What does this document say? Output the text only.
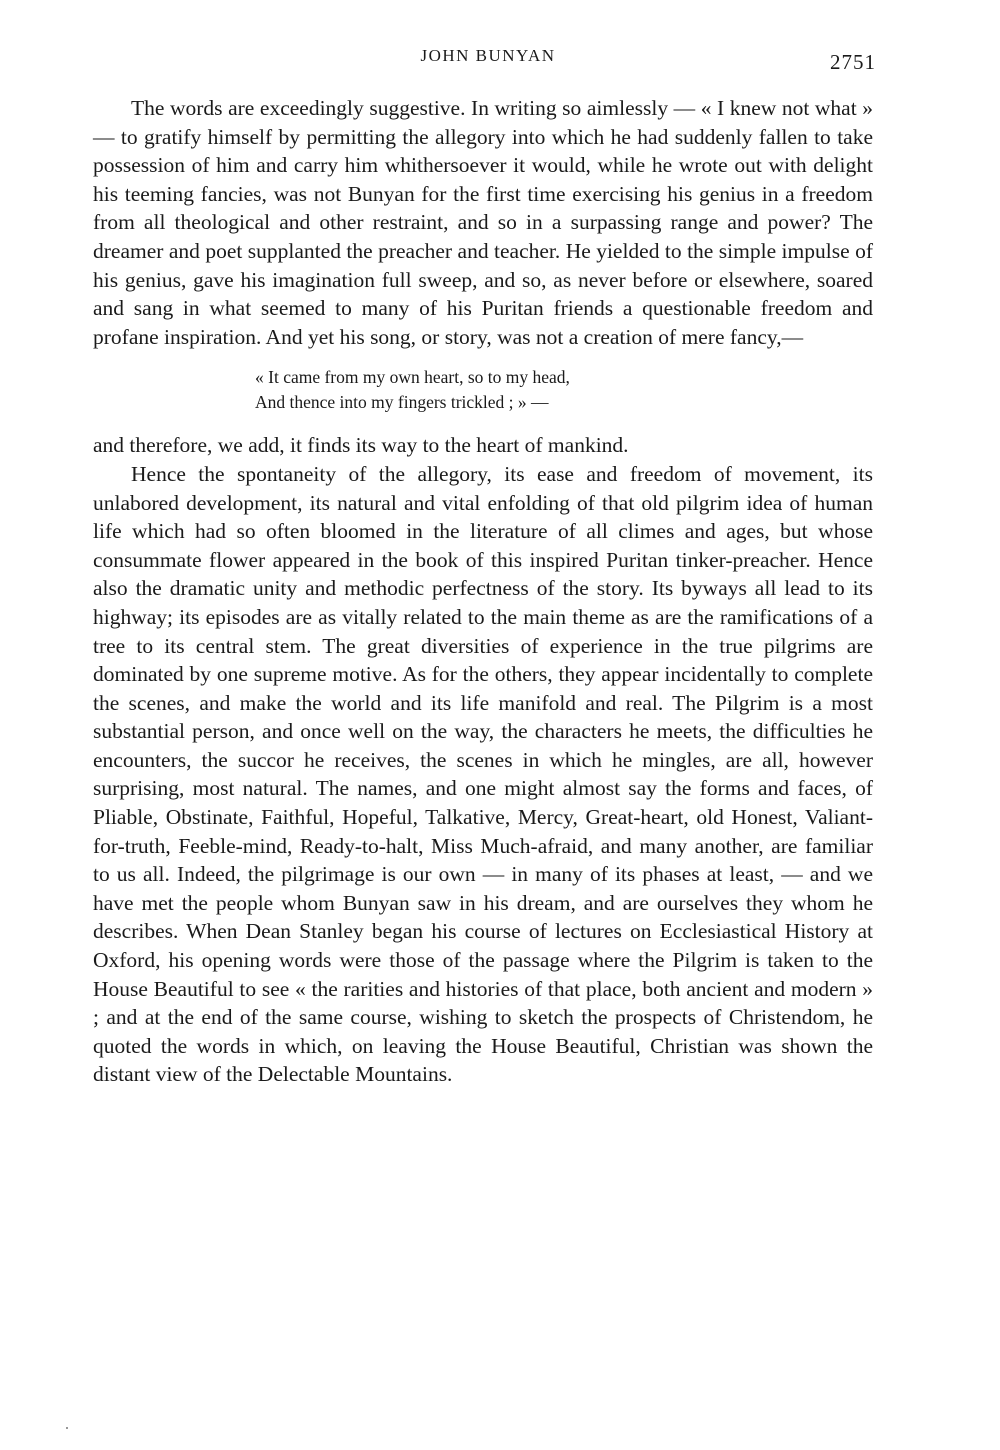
JOHN BUNYAN	2751

The words are exceedingly suggestive. In writing so aimlessly — « I knew not what » — to gratify himself by permitting the allegory into which he had suddenly fallen to take possession of him and carry him whithersoever it would, while he wrote out with delight his teeming fancies, was not Bunyan for the first time exercising his genius in a freedom from all theological and other restraint, and so in a surpassing range and power? The dreamer and poet supplanted the preacher and teacher. He yielded to the simple impulse of his genius, gave his imagination full sweep, and so, as never before or elsewhere, soared and sang in what seemed to many of his Puritan friends a questionable freedom and profane inspiration. And yet his song, or story, was not a creation of mere fancy,—

« It came from my own heart, so to my head,
And thence into my fingers trickled ; » —

and therefore, we add, it finds its way to the heart of mankind.

Hence the spontaneity of the allegory, its ease and freedom of movement, its unlabored development, its natural and vital enfolding of that old pilgrim idea of human life which had so often bloomed in the literature of all climes and ages, but whose consummate flower appeared in the book of this inspired Puritan tinker-preacher. Hence also the dramatic unity and methodic perfectness of the story. Its byways all lead to its highway; its episodes are as vitally related to the main theme as are the ramifications of a tree to its central stem. The great diversities of experience in the true pilgrims are dominated by one supreme motive. As for the others, they appear incidentally to complete the scenes, and make the world and its life manifold and real. The Pilgrim is a most substantial person, and once well on the way, the characters he meets, the difficulties he encounters, the succor he receives, the scenes in which he mingles, are all, however surprising, most natural. The names, and one might almost say the forms and faces, of Pliable, Obstinate, Faithful, Hopeful, Talkative, Mercy, Great-heart, old Honest, Valiant-for-truth, Feeble-mind, Ready-to-halt, Miss Much-afraid, and many another, are familiar to us all. Indeed, the pilgrimage is our own — in many of its phases at least, — and we have met the people whom Bunyan saw in his dream, and are ourselves they whom he describes. When Dean Stanley began his course of lectures on Ecclesiastical History at Oxford, his opening words were those of the passage where the Pilgrim is taken to the House Beautiful to see « the rarities and histories of that place, both ancient and modern » ; and at the end of the same course, wishing to sketch the prospects of Christendom, he quoted the words in which, on leaving the House Beautiful, Christian was shown the distant view of the Delectable Mountains.
